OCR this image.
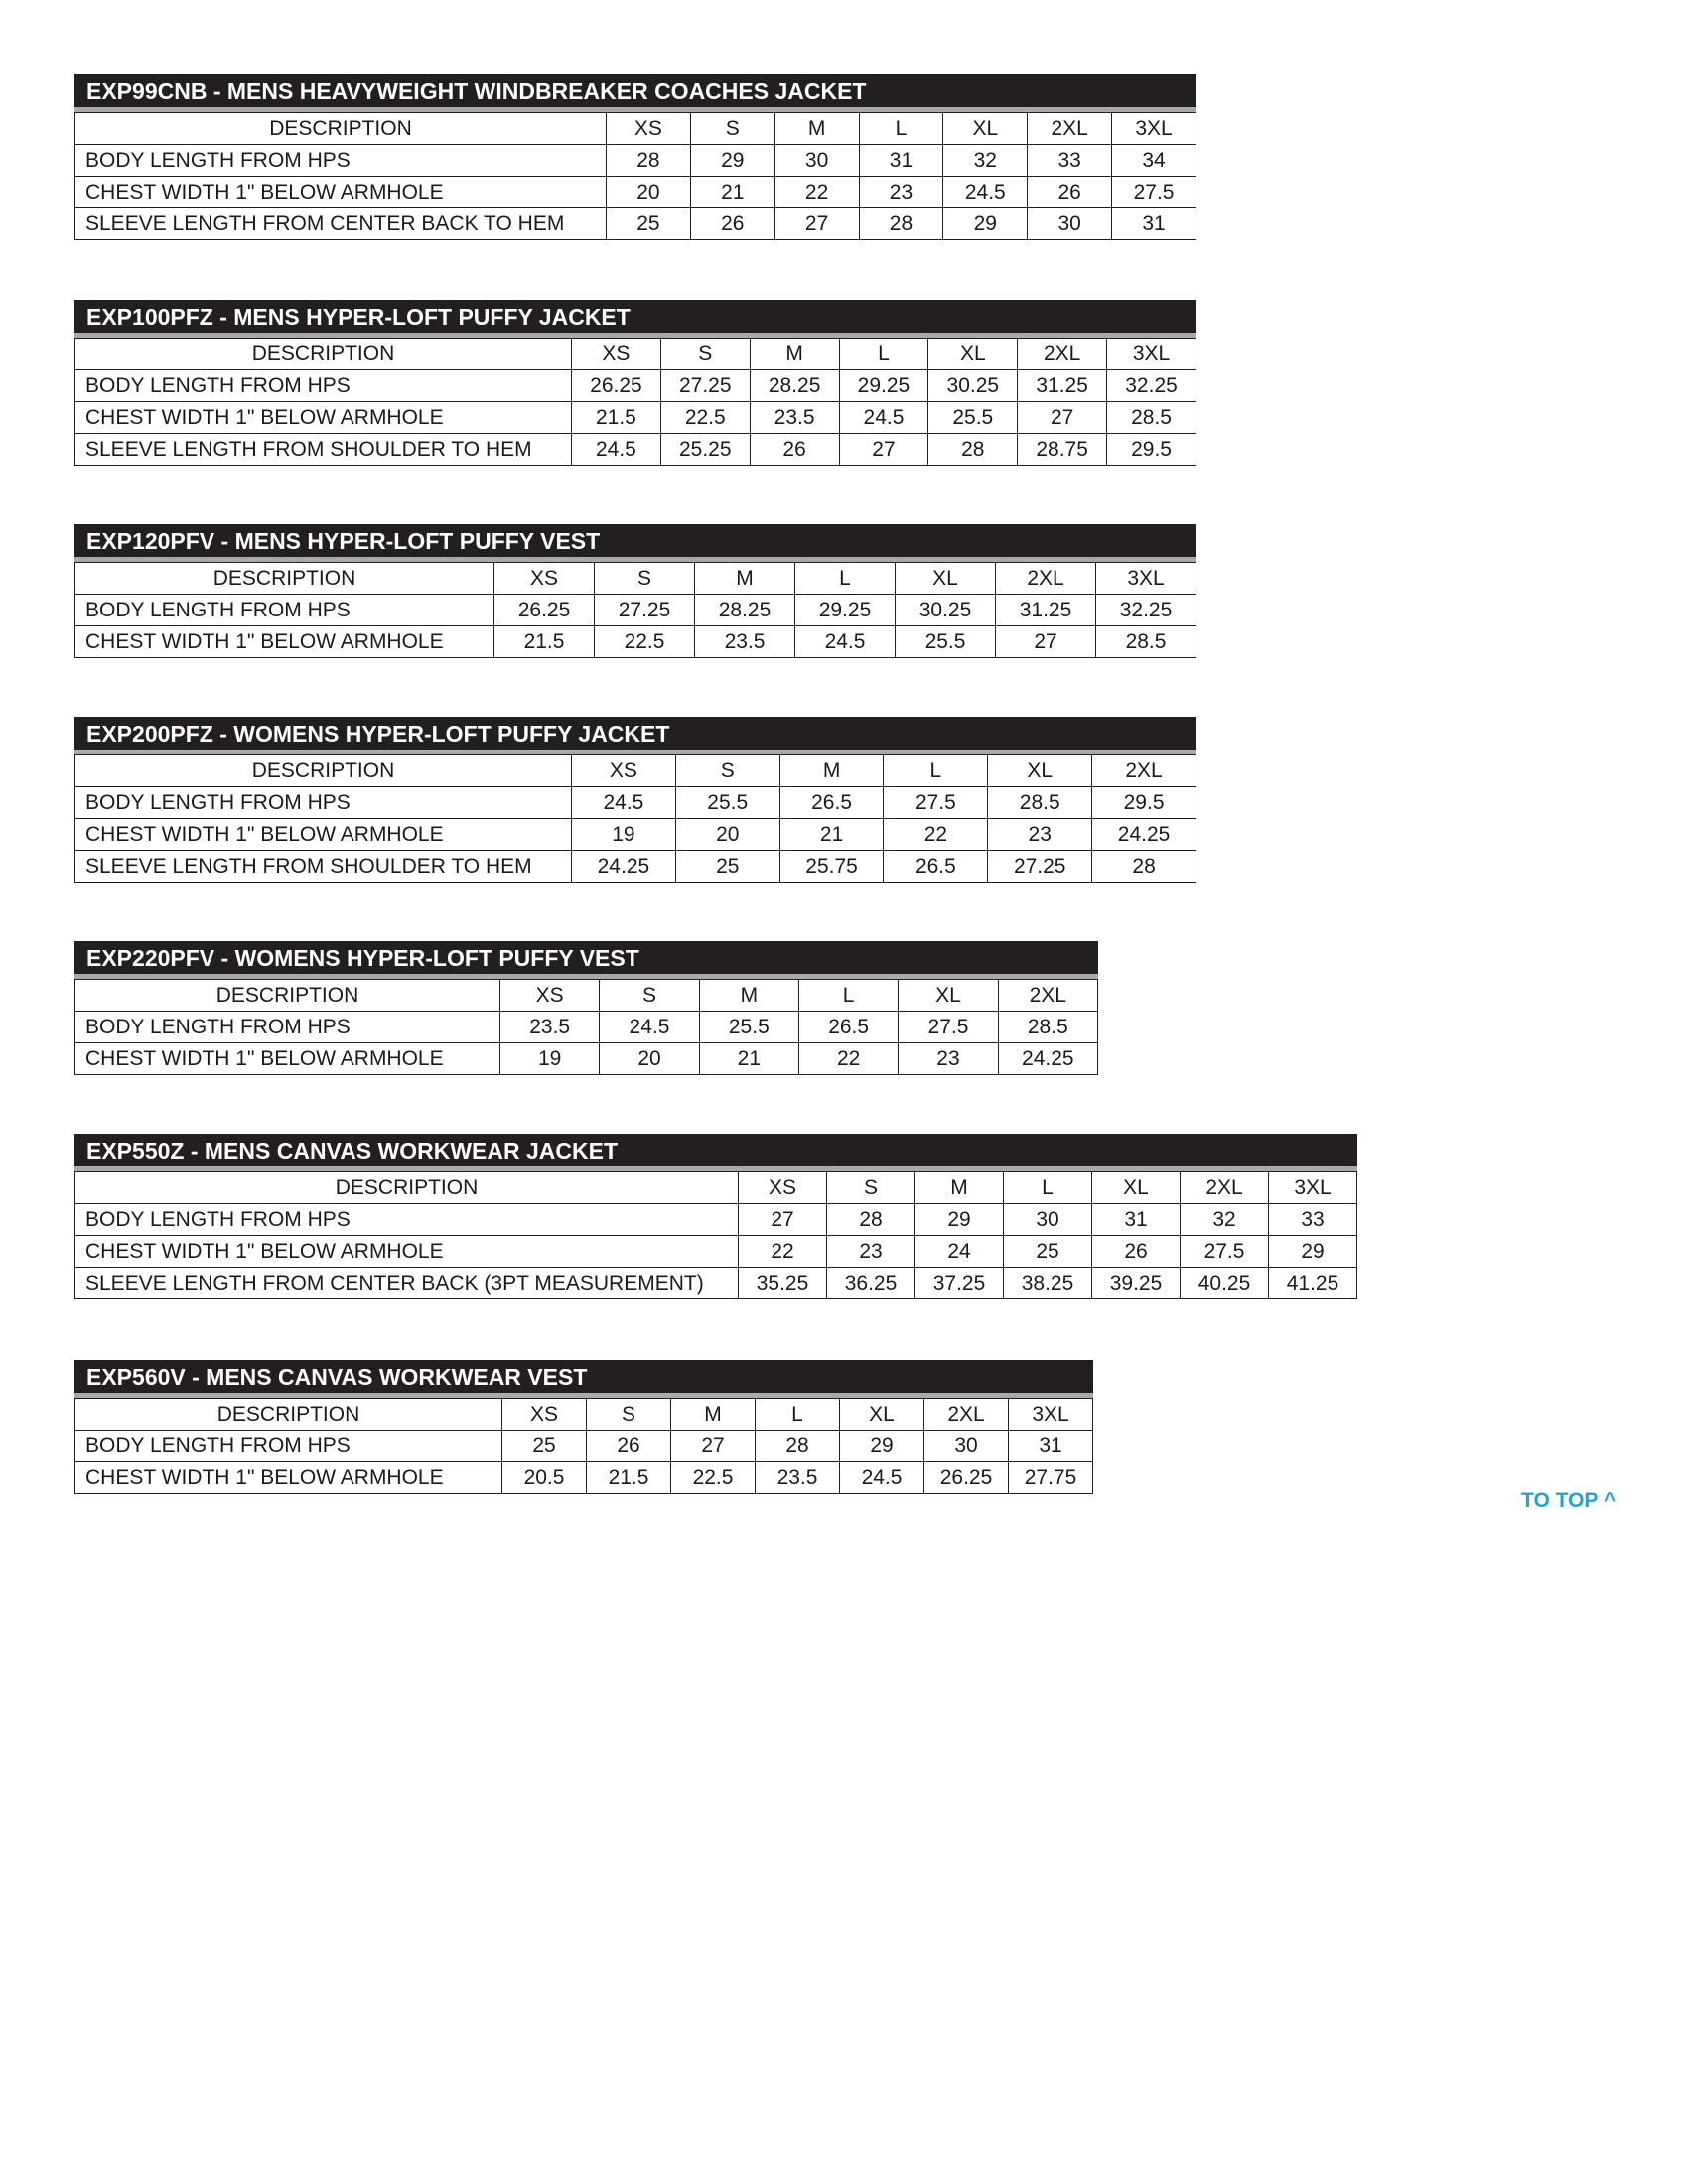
EXP99CNB - MENS HEAVYWEIGHT WINDBREAKER COACHES JACKET
DESCRIPTION	XS	S	M	L	XL	2XL	3XL
BODY LENGTH FROM HPS	28	29	30	31	32	33	34
CHEST WIDTH 1" BELOW ARMHOLE	20	21	22	23	24.5	26	27.5
SLEEVE LENGTH FROM CENTER BACK TO HEM	25	26	27	28	29	30	31
EXP100PFZ - MENS HYPER-LOFT PUFFY JACKET
DESCRIPTION	XS	S	M	L	XL	2XL	3XL
BODY LENGTH FROM HPS	26.25	27.25	28.25	29.25	30.25	31.25	32.25
CHEST WIDTH 1" BELOW ARMHOLE	21.5	22.5	23.5	24.5	25.5	27	28.5
SLEEVE LENGTH FROM SHOULDER TO HEM	24.5	25.25	26	27	28	28.75	29.5
EXP120PFV - MENS HYPER-LOFT PUFFY VEST
DESCRIPTION	XS	S	M	L	XL	2XL	3XL
BODY LENGTH FROM HPS	26.25	27.25	28.25	29.25	30.25	31.25	32.25
CHEST WIDTH 1" BELOW ARMHOLE	21.5	22.5	23.5	24.5	25.5	27	28.5
EXP200PFZ - WOMENS HYPER-LOFT PUFFY JACKET
DESCRIPTION	XS	S	M	L	XL	2XL
BODY LENGTH FROM HPS	24.5	25.5	26.5	27.5	28.5	29.5
CHEST WIDTH 1" BELOW ARMHOLE	19	20	21	22	23	24.25
SLEEVE LENGTH FROM SHOULDER TO HEM	24.25	25	25.75	26.5	27.25	28
EXP220PFV - WOMENS HYPER-LOFT PUFFY VEST
DESCRIPTION	XS	S	M	L	XL	2XL
BODY LENGTH FROM HPS	23.5	24.5	25.5	26.5	27.5	28.5
CHEST WIDTH 1" BELOW ARMHOLE	19	20	21	22	23	24.25
EXP550Z - MENS CANVAS WORKWEAR JACKET
DESCRIPTION	XS	S	M	L	XL	2XL	3XL
BODY LENGTH FROM HPS	27	28	29	30	31	32	33
CHEST WIDTH 1" BELOW ARMHOLE	22	23	24	25	26	27.5	29
SLEEVE LENGTH FROM CENTER BACK (3PT MEASUREMENT)	35.25	36.25	37.25	38.25	39.25	40.25	41.25
EXP560V - MENS CANVAS WORKWEAR VEST
DESCRIPTION	XS	S	M	L	XL	2XL	3XL
BODY LENGTH FROM HPS	25	26	27	28	29	30	31
CHEST WIDTH 1" BELOW ARMHOLE	20.5	21.5	22.5	23.5	24.5	26.25	27.75
TO TOP ^
